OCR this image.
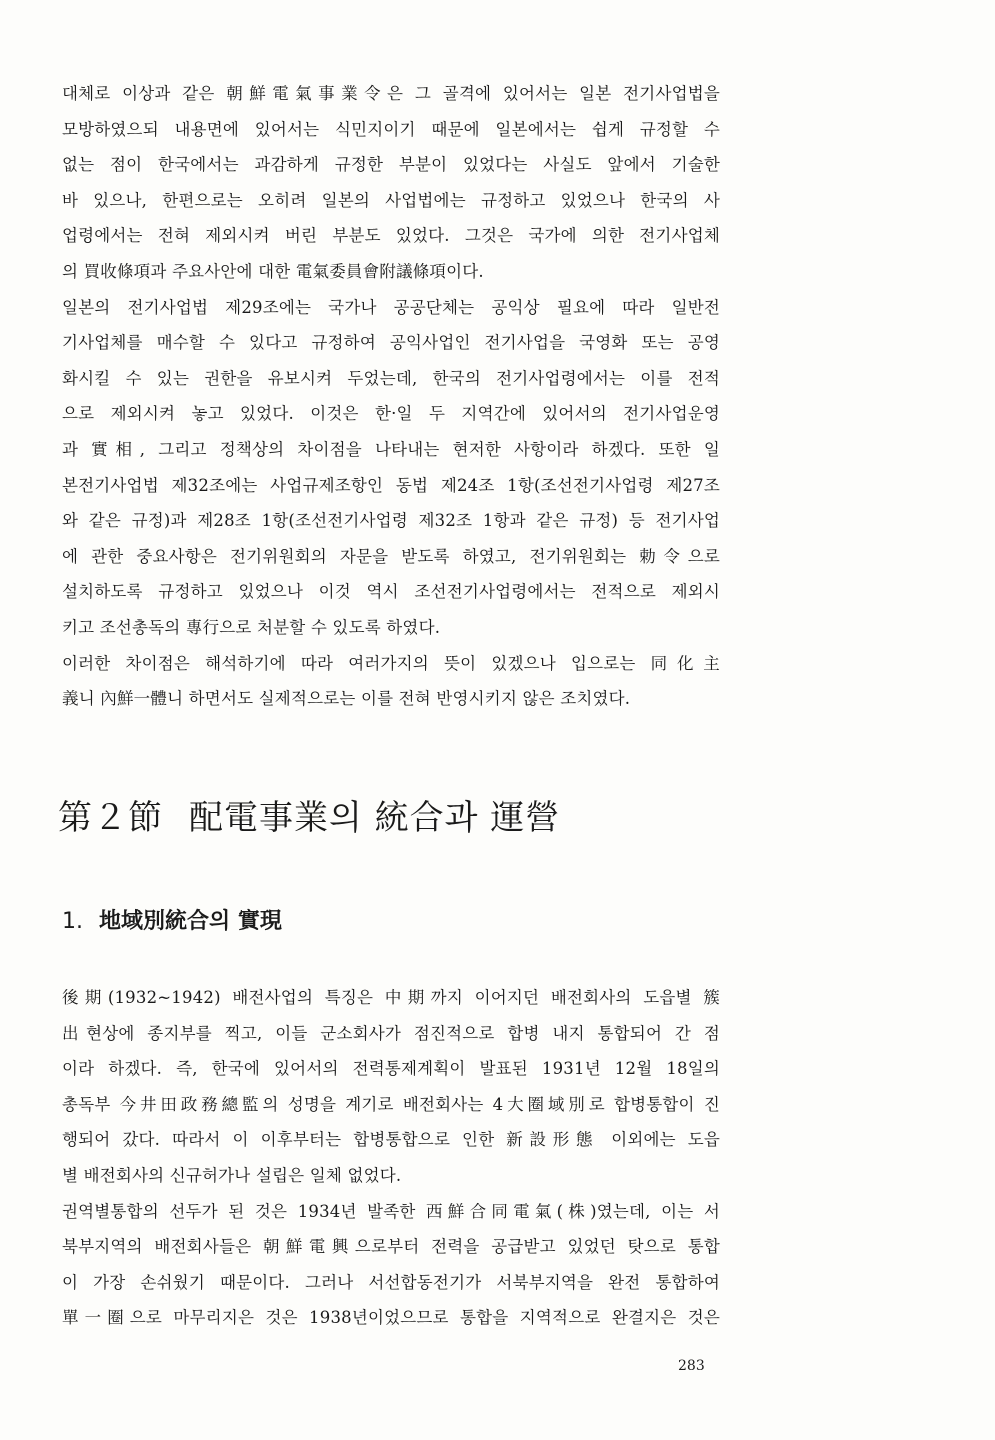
대체로 이상과 같은 朝鮮電氣事業令은 그 골격에 있어서는 일본 전기사업법을
모방하였으되 내용면에 있어서는 식민지이기 때문에 일본에서는 쉽게 규정할 수
없는 점이 한국에서는 과감하게 규정한 부분이 있었다는 사실도 앞에서 기술한
바 있으나, 한편으로는 오히려 일본의 사업법에는 규정하고 있었으나 한국의 사
업령에서는 전혀 제외시켜 버린 부분도 있었다. 그것은 국가에 의한 전기사업체
의 買收條項과 주요사안에 대한 電氣委員會附議條項이다.
일본의 전기사업법 제29조에는 국가나 공공단체는 공익상 필요에 따라 일반전
기사업체를 매수할 수 있다고 규정하여 공익사업인 전기사업을 국영화 또는 공영
화시킬 수 있는 권한을 유보시켜 두었는데, 한국의 전기사업령에서는 이를 전적
으로 제외시켜 놓고 있었다. 이것은 한·일 두 지역간에 있어서의 전기사업운영
과 實相, 그리고 정책상의 차이점을 나타내는 현저한 사항이라 하겠다. 또한 일
본전기사업법 제32조에는 사업규제조항인 동법 제24조 1항(조선전기사업령 제27조
와 같은 규정)과 제28조 1항(조선전기사업령 제32조 1항과 같은 규정) 등 전기사업
에 관한 중요사항은 전기위원회의 자문을 받도록 하였고, 전기위원회는 勅令으로
설치하도록 규정하고 있었으나 이것 역시 조선전기사업령에서는 전적으로 제외시
키고 조선총독의 專行으로 처분할 수 있도록 하였다.
이러한 차이점은 해석하기에 따라 여러가지의 뜻이 있겠으나 입으로는 同化主
義니 內鮮一體니 하면서도 실제적으로는 이를 전혀 반영시키지 않은 조치였다.
第２節 配電事業의 統合과 運營
1. 地域別統合의 實現
後期(1932~1942) 배전사업의 특징은 中期까지 이어지던 배전회사의 도읍별 簇
出현상에 종지부를 찍고, 이들 군소회사가 점진적으로 합병 내지 통합되어 간 점
이라 하겠다. 즉, 한국에 있어서의 전력통제계획이 발표된 1931년 12월 18일의
총독부 今井田政務總監의 성명을 계기로 배전회사는 4大圈域別로 합병통합이 진
행되어 갔다. 따라서 이 이후부터는 합병통합으로 인한 新設形態 이외에는 도읍
별 배전회사의 신규허가나 설립은 일체 없었다.
권역별통합의 선두가 된 것은 1934년 발족한 西鮮合同電氣(株)였는데, 이는 서
북부지역의 배전회사들은 朝鮮電興으로부터 전력을 공급받고 있었던 탓으로 통합
이 가장 손쉬웠기 때문이다. 그러나 서선합동전기가 서북부지역을 완전 통합하여
單一圈으로 마무리지은 것은 1938년이었으므로 통합을 지역적으로 완결지은 것은
283
